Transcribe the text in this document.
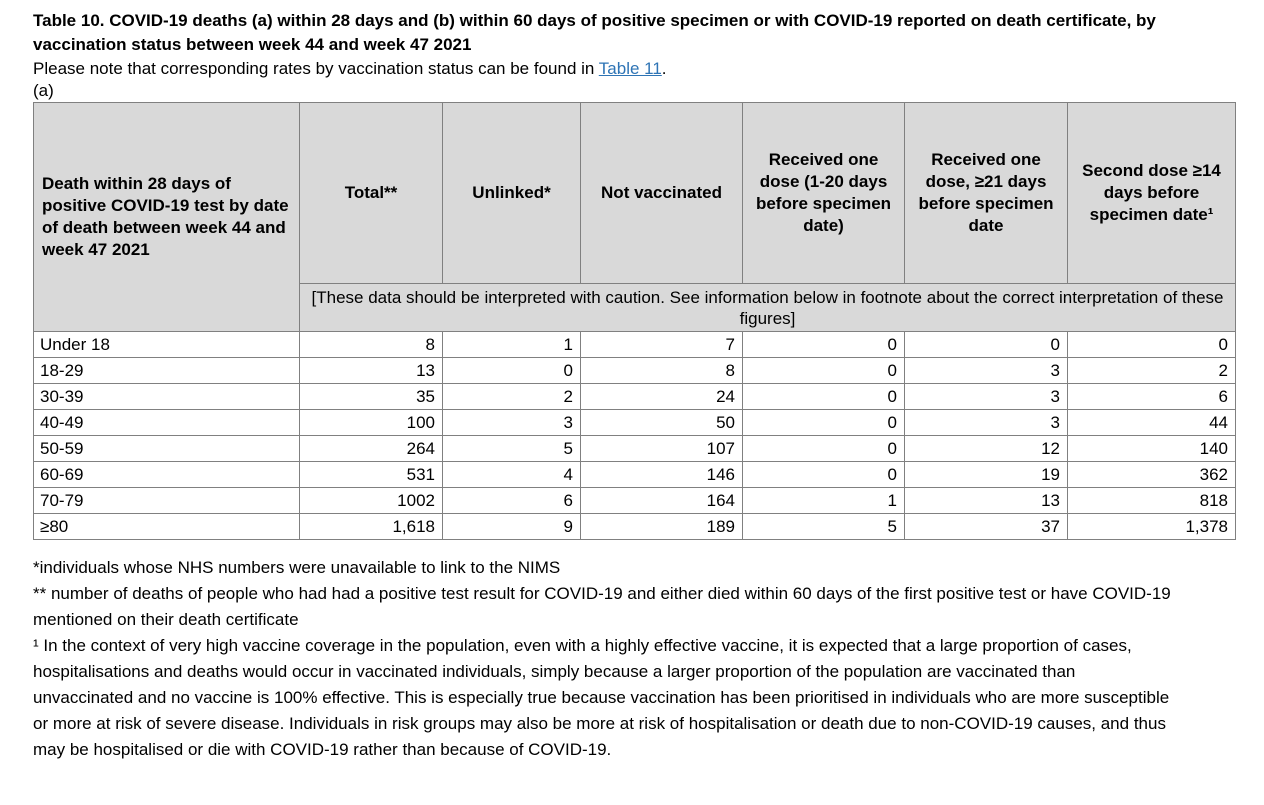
Table 10. COVID-19 deaths (a) within 28 days and (b) within 60 days of positive specimen or with COVID-19 reported on death certificate, by vaccination status between week 44 and week 47 2021
Please note that corresponding rates by vaccination status can be found in Table 11.
(a)
Death within 28 days of positive COVID-19 test by date of death between week 44 and week 47 2021	Total**	Unlinked*	Not vaccinated	Received one dose (1-20 days before specimen date)	Received one dose, ≥21 days before specimen date	Second dose ≥14 days before specimen date¹
	[These data should be interpreted with caution. See information below in footnote about the correct interpretation of these figures]					
Under 18	8	1	7	0	0	0
18-29	13	0	8	0	3	2
30-39	35	2	24	0	3	6
40-49	100	3	50	0	3	44
50-59	264	5	107	0	12	140
60-69	531	4	146	0	19	362
70-79	1002	6	164	1	13	818
≥80	1,618	9	189	5	37	1,378

*individuals whose NHS numbers were unavailable to link to the NIMS

** number of deaths of people who had had a positive test result for COVID-19 and either died within 60 days of the first positive test or have COVID-19 mentioned on their death certificate

¹ In the context of very high vaccine coverage in the population, even with a highly effective vaccine, it is expected that a large proportion of cases, hospitalisations and deaths would occur in vaccinated individuals, simply because a larger proportion of the population are vaccinated than unvaccinated and no vaccine is 100% effective. This is especially true because vaccination has been prioritised in individuals who are more susceptible or more at risk of severe disease. Individuals in risk groups may also be more at risk of hospitalisation or death due to non-COVID-19 causes, and thus may be hospitalised or die with COVID-19 rather than because of COVID-19.
